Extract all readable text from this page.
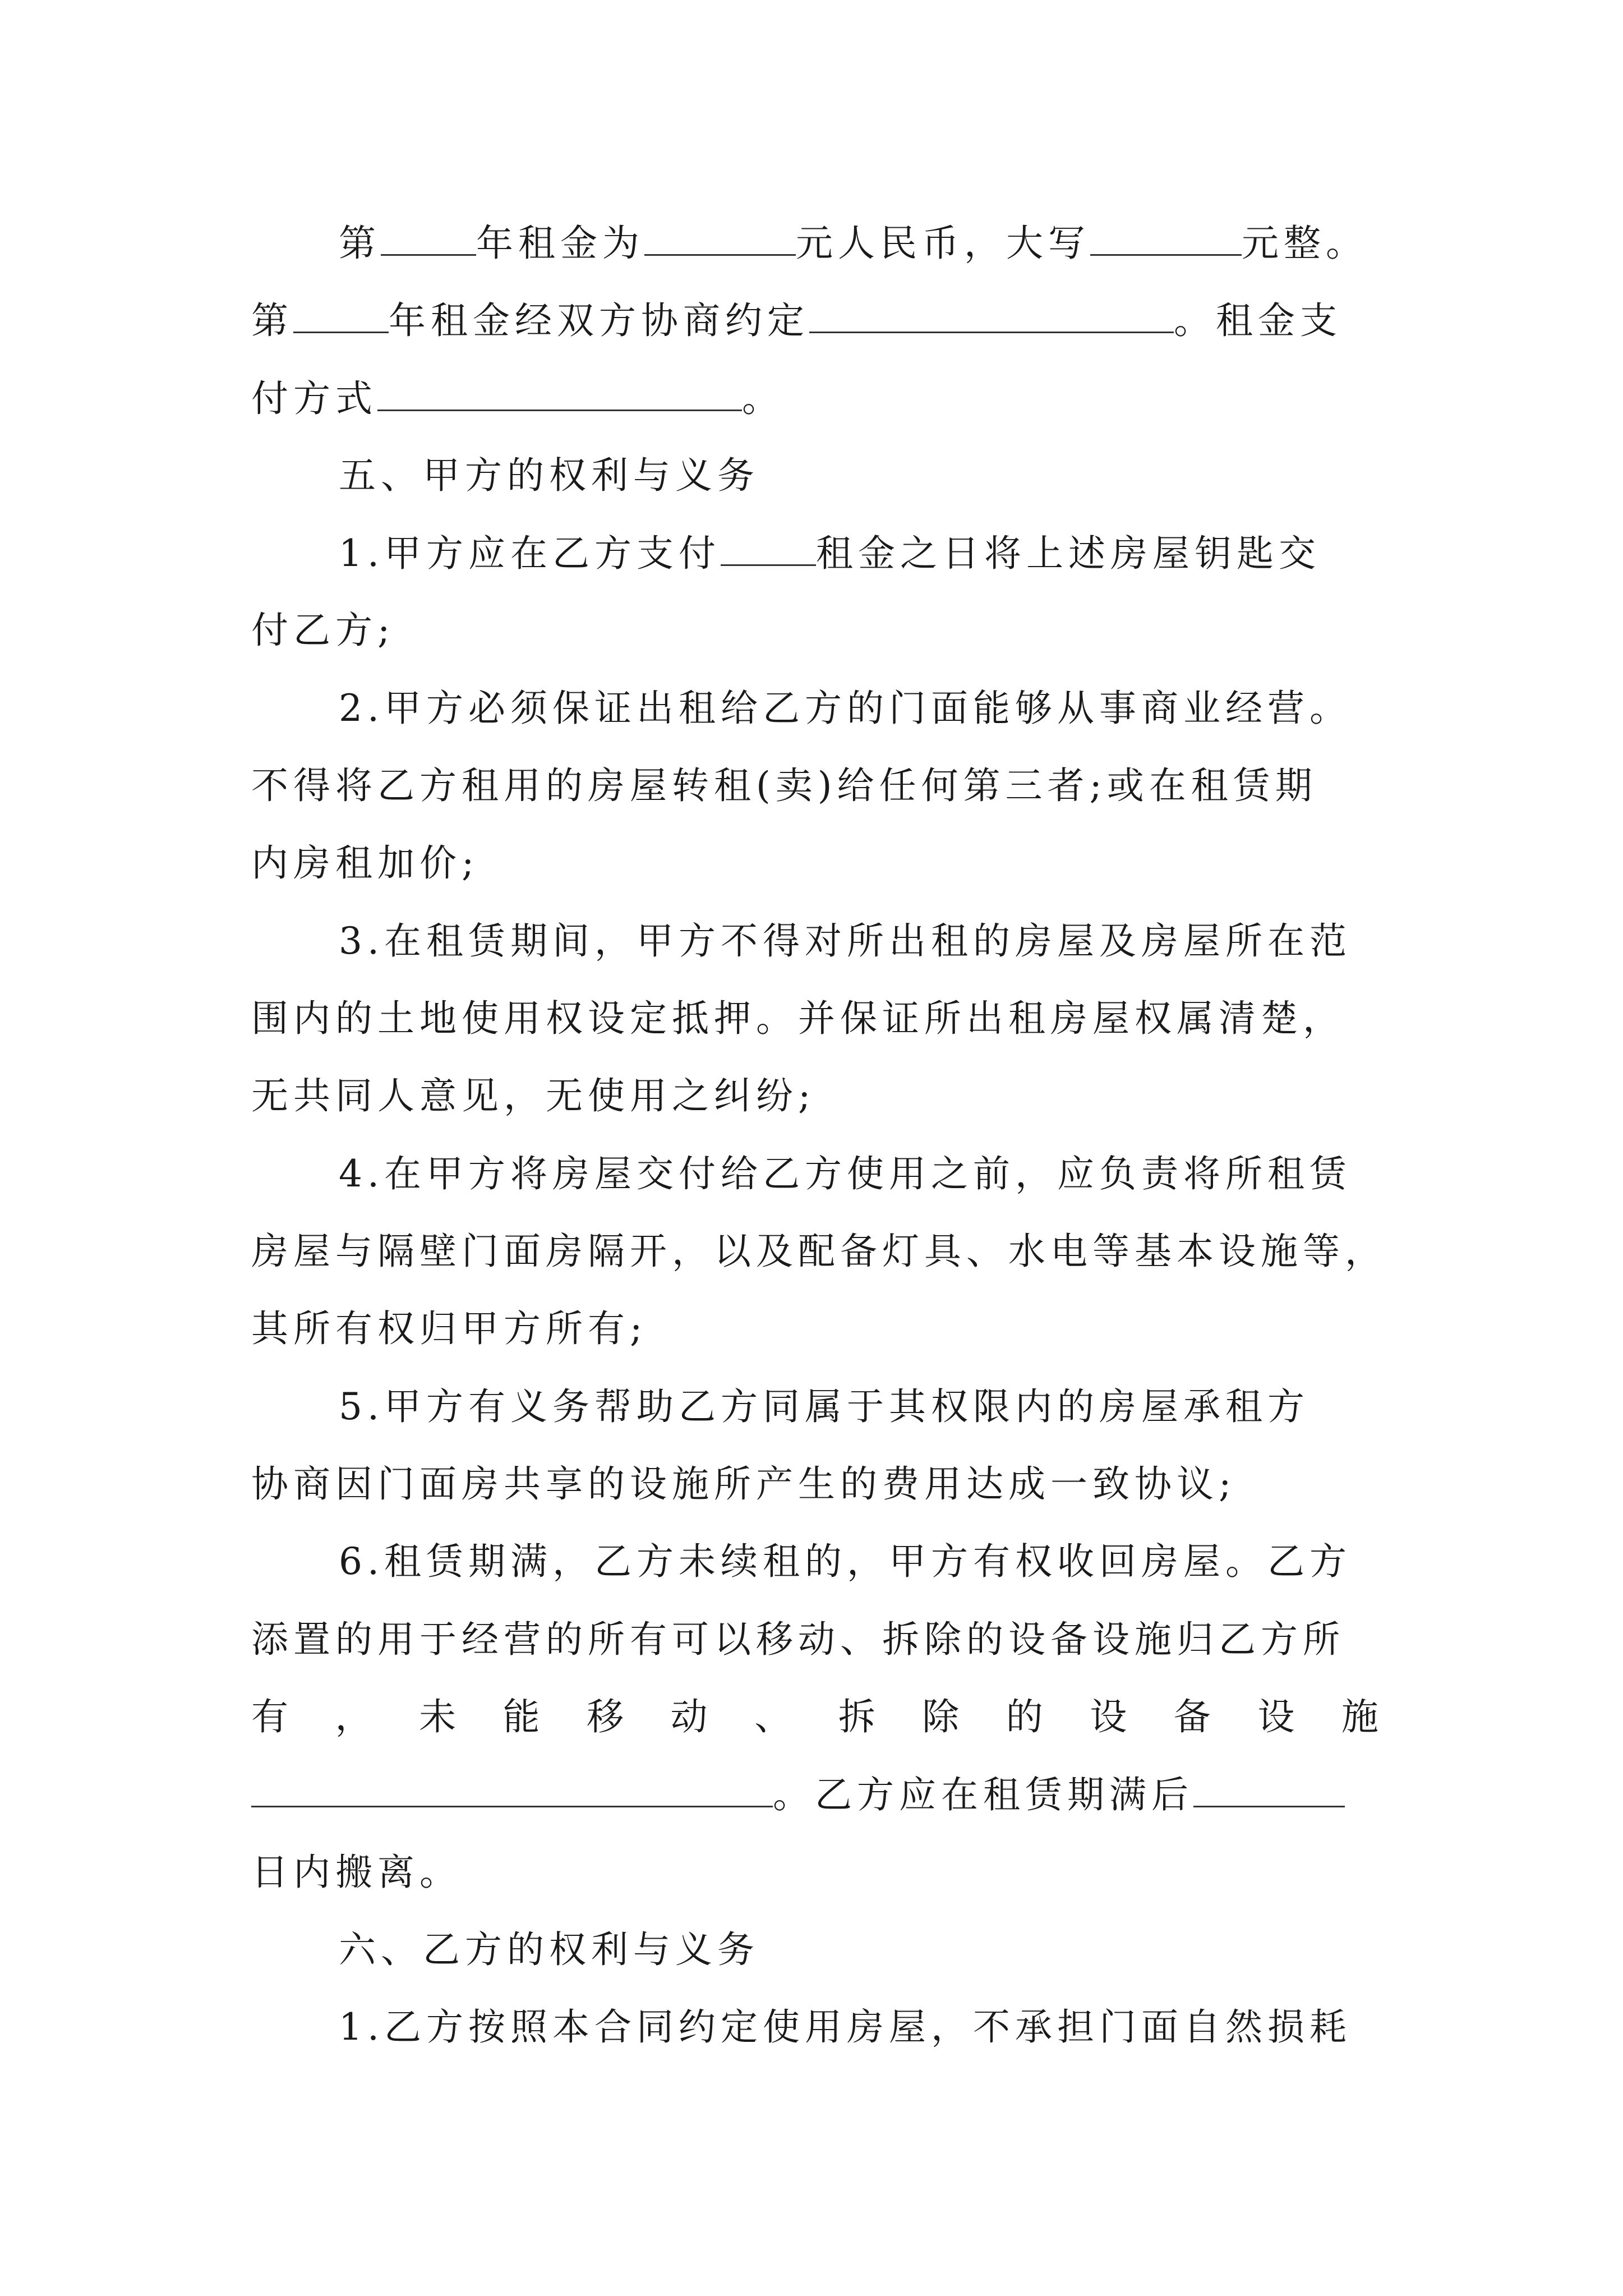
第	年租金为	元人民币，大写	元整。
第	年租金经双方协商约定	。租金支
付方式	。
五、甲方的权利与义务
1.甲方应在乙方支付	租金之日将上述房屋钥匙交
付乙方;
2.甲方必须保证出租给乙方的门面能够从事商业经营。
不得将乙方租用的房屋转租(卖)给任何第三者;或在租赁期
内房租加价;
3.在租赁期间，甲方不得对所出租的房屋及房屋所在范
围内的土地使用权设定抵押。并保证所出租房屋权属清楚，
无共同人意见，无使用之纠纷;
4.在甲方将房屋交付给乙方使用之前，应负责将所租赁
房屋与隔壁门面房隔开，以及配备灯具、水电等基本设施等，
其所有权归甲方所有;
5.甲方有义务帮助乙方同属于其权限内的房屋承租方
协商因门面房共享的设施所产生的费用达成一致协议;
6.租赁期满，乙方未续租的，甲方有权收回房屋。乙方
添置的用于经营的所有可以移动、拆除的设备设施归乙方所
有 ， 未 能 移 动 、 拆 除 的 设 备 设 施
。乙方应在租赁期满后
日内搬离。
六、乙方的权利与义务
1.乙方按照本合同约定使用房屋，不承担门面自然损耗
